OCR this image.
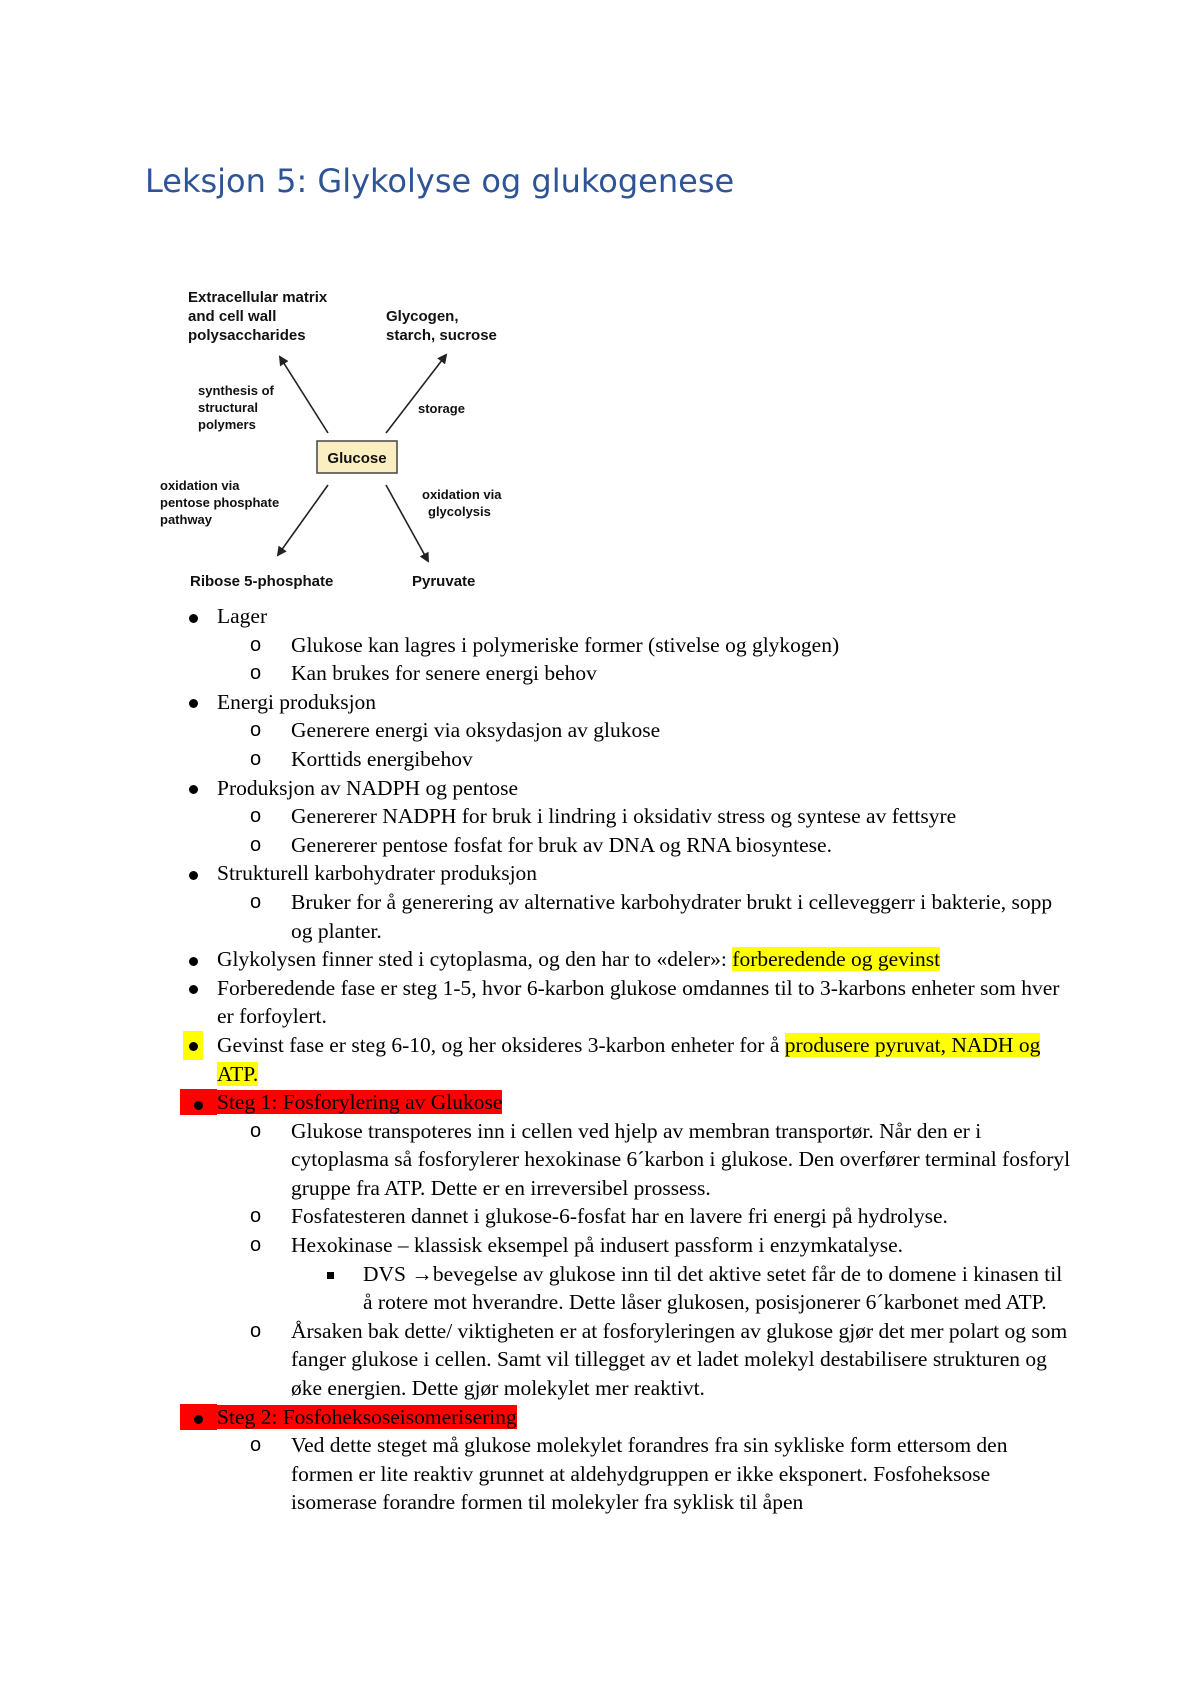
Leksjon 5: Glykolyse og glukogenese
Extracellular matrix
and cell wall
polysaccharides
Glycogen,
starch, sucrose
Ribose 5-phosphate	Pyruvate
synthesis of
structural
polymers
storage
oxidation via
pentose phosphate
pathway
oxidation via
glycolysis
Glucose
Lager
o Glukose kan lagres i polymeriske former (stivelse og glykogen)
o Kan brukes for senere energi behov
Energi produksjon
o Generere energi via oksydasjon av glukose
o Korttids energibehov
Produksjon av NADPH og pentose
o Genererer NADPH for bruk i lindring i oksidativ stress og syntese av fettsyre
o Genererer pentose fosfat for bruk av DNA og RNA biosyntese.
Strukturell karbohydrater produksjon
o Bruker for å generering av alternative karbohydrater brukt i celleveggerr i bakterie, sopp og planter.
Glykolysen finner sted i cytoplasma, og den har to «deler»: forberedende og gevinst
Forberedende fase er steg 1-5, hvor 6-karbon glukose omdannes til to 3-karbons enheter som hver er forfoylert.
Gevinst fase er steg 6-10, og her oksideres 3-karbon enheter for å produsere pyruvat, NADH og ATP.
Steg 1: Fosforylering av Glukose
o Glukose transpoteres inn i cellen ved hjelp av membran transportør. Når den er i cytoplasma så fosforylerer hexokinase 6´karbon i glukose. Den overfører terminal fosforyl gruppe fra ATP. Dette er en irreversibel prossess.
o Fosfatesteren dannet i glukose-6-fosfat har en lavere fri energi på hydrolyse.
o Hexokinase – klassisk eksempel på indusert passform i enzymkatalyse.
DVS →bevegelse av glukose inn til det aktive setet får de to domene i kinasen til å rotere mot hverandre. Dette låser glukosen, posisjonerer 6´karbonet med ATP.
o Årsaken bak dette/ viktigheten er at fosforyleringen av glukose gjør det mer polart og som fanger glukose i cellen. Samt vil tillegget av et ladet molekyl destabilisere strukturen og øke energien. Dette gjør molekylet mer reaktivt.
Steg 2: Fosfoheksoseisomerisering
o Ved dette steget må glukose molekylet forandres fra sin sykliske form ettersom den formen er lite reaktiv grunnet at aldehydgruppen er ikke eksponert. Fosfoheksose isomerase forandre formen til molekyler fra syklisk til åpen
